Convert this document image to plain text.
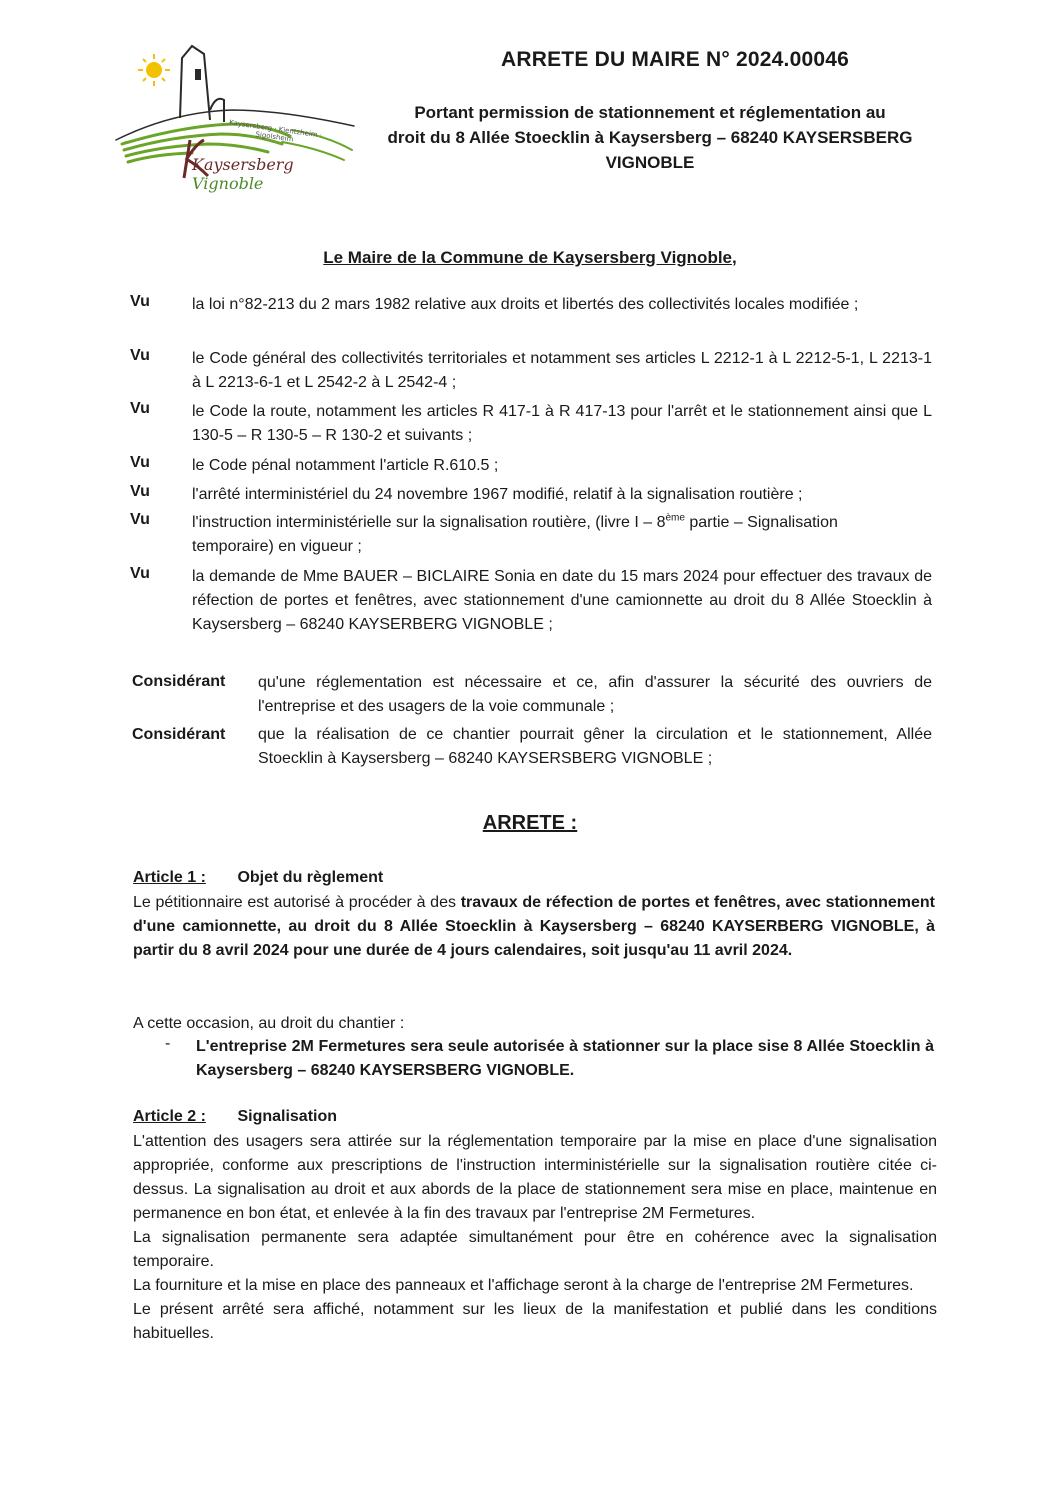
Kaysersberg · Kientzheim · Sigolsheim
Kaysersberg Vignoble
ARRETE DU MAIRE N° 2024.00046
Portant permission de stationnement et réglementation au
droit du 8 Allée Stoecklin à Kaysersberg – 68240 KAYSERSBERG
VIGNOBLE
Le Maire de la Commune de Kaysersberg Vignoble,
Vu	la loi n°82-213 du 2 mars 1982 relative aux droits et libertés des collectivités locales modifiée ;
Vu	le Code général des collectivités territoriales et notamment ses articles L 2212-1 à L 2212-5-1, L 2213-1 à L 2213-6-1 et L 2542-2 à L 2542-4 ;
Vu	le Code la route, notamment les articles R 417-1 à R 417-13 pour l'arrêt et le stationnement ainsi que L 130-5 – R 130-5 – R 130-2 et suivants ;
Vu	le Code pénal notamment l'article R.610.5 ;
Vu	l'arrêté interministériel du 24 novembre 1967 modifié, relatif à la signalisation routière ;
Vu	l'instruction interministérielle sur la signalisation routière, (livre I – 8ème partie – Signalisation
temporaire) en vigueur ;
Vu	la demande de Mme BAUER – BICLAIRE Sonia en date du 15 mars 2024 pour effectuer des travaux de réfection de portes et fenêtres, avec stationnement d'une camionnette au droit du 8 Allée Stoecklin à Kaysersberg – 68240 KAYSERBERG VIGNOBLE ;
Considérant qu'une réglementation est nécessaire et ce, afin d'assurer la sécurité des ouvriers de l'entreprise et des usagers de la voie communale ;
Considérant que la réalisation de ce chantier pourrait gêner la circulation et le stationnement, Allée Stoecklin à Kaysersberg – 68240 KAYSERSBERG VIGNOBLE ;
ARRETE :
Article 1 : Objet du règlement
Le pétitionnaire est autorisé à procéder à des travaux de réfection de portes et fenêtres, avec stationnement d'une camionnette, au droit du 8 Allée Stoecklin à Kaysersberg – 68240 KAYSERBERG VIGNOBLE, à partir du 8 avril 2024 pour une durée de 4 jours calendaires, soit jusqu'au 11 avril 2024.
A cette occasion, au droit du chantier :
- L'entreprise 2M Fermetures sera seule autorisée à stationner sur la place sise 8 Allée Stoecklin à Kaysersberg – 68240 KAYSERSBERG VIGNOBLE.
Article 2 : Signalisation
L'attention des usagers sera attirée sur la réglementation temporaire par la mise en place d'une signalisation appropriée, conforme aux prescriptions de l'instruction interministérielle sur la signalisation routière citée ci-dessus. La signalisation au droit et aux abords de la place de stationnement sera mise en place, maintenue en permanence en bon état, et enlevée à la fin des travaux par l'entreprise 2M Fermetures.
La signalisation permanente sera adaptée simultanément pour être en cohérence avec la signalisation temporaire.
La fourniture et la mise en place des panneaux et l'affichage seront à la charge de l'entreprise 2M Fermetures.
Le présent arrêté sera affiché, notamment sur les lieux de la manifestation et publié dans les conditions habituelles.
